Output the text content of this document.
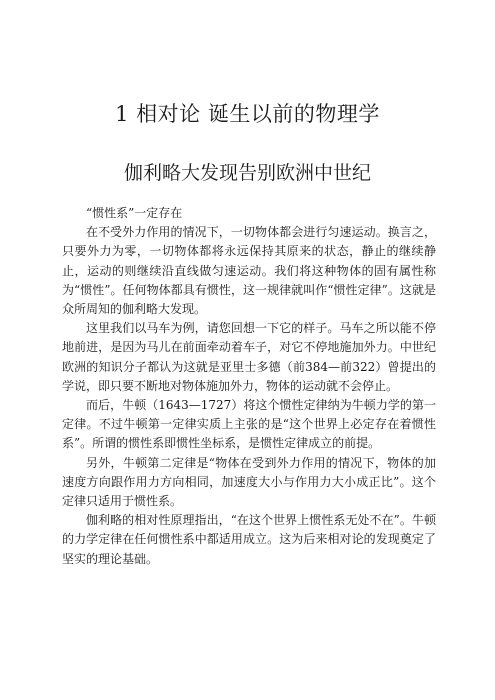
1 相对论 诞生以前的物理学
伽利略大发现告别欧洲中世纪

“惯性系”一定存在

在不受外力作用的情况下，一切物体都会进行匀速运动。换言之，只要外力为零，一切物体都将永远保持其原来的状态，静止的继续静止，运动的则继续沿直线做匀速运动。我们将这种物体的固有属性称为“惯性”。任何物体都具有惯性，这一规律就叫作“惯性定律”。这就是众所周知的伽利略大发现。

这里我们以马车为例，请您回想一下它的样子。马车之所以能不停地前进，是因为马儿在前面牵动着车子，对它不停地施加外力。中世纪欧洲的知识分子都认为这就是亚里士多德（前384—前322）曾提出的学说，即只要不断地对物体施加外力，物体的运动就不会停止。

而后，牛顿（1643—1727）将这个惯性定律纳为牛顿力学的第一定律。不过牛顿第一定律实质上主张的是“这个世界上必定存在着惯性系”。所谓的惯性系即惯性坐标系，是惯性定律成立的前提。

另外，牛顿第二定律是“物体在受到外力作用的情况下，物体的加速度方向跟作用力方向相同，加速度大小与作用力大小成正比”。这个定律只适用于惯性系。

伽利略的相对性原理指出，“在这个世界上惯性系无处不在”。牛顿的力学定律在任何惯性系中都适用成立。这为后来相对论的发现奠定了坚实的理论基础。
